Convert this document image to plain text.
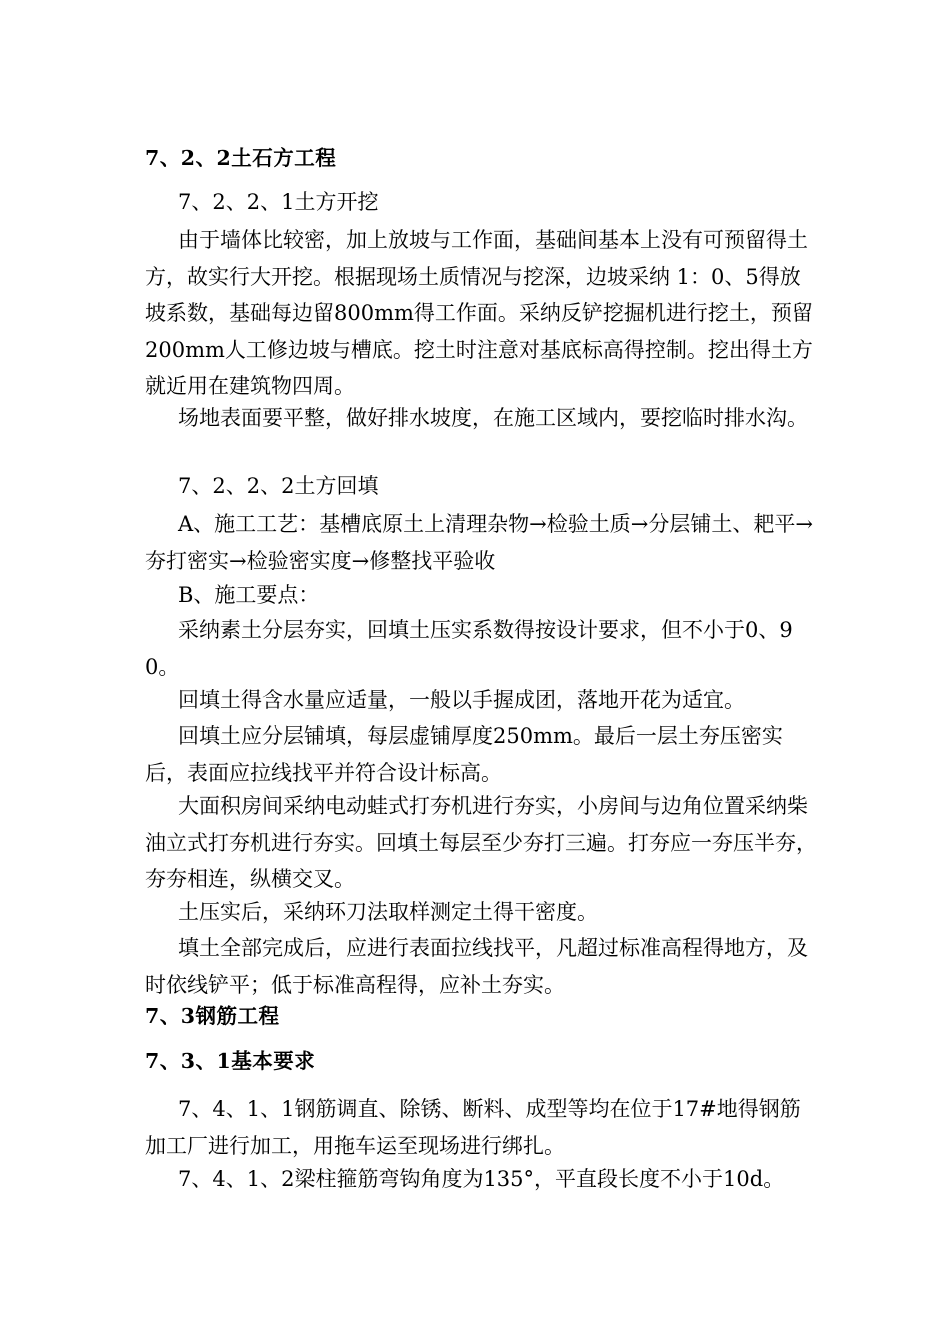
7、2、2土石方工程

7、2、2、1土方开挖

由于墙体比较密，加上放坡与工作面，基础间基本上没有可预留得土方，故实行大开挖。根据现场土质情况与挖深，边坡采纳 1：0、5得放坡系数，基础每边留800mm得工作面。采纳反铲挖掘机进行挖土，预留200mm人工修边坡与槽底。挖土时注意对基底标高得控制。挖出得土方就近用在建筑物四周。

场地表面要平整，做好排水坡度，在施工区域内，要挖临时排水沟。

7、2、2、2土方回填

A、施工工艺：基槽底原土上清理杂物→检验土质→分层铺土、耙平→夯打密实→检验密实度→修整找平验收

B、施工要点：

采纳素土分层夯实，回填土压实系数得按设计要求，但不小于0、90。

回填土得含水量应适量，一般以手握成团，落地开花为适宜。

回填土应分层铺填，每层虚铺厚度250mm。最后一层土夯压密实后，表面应拉线找平并符合设计标高。

大面积房间采纳电动蛙式打夯机进行夯实，小房间与边角位置采纳柴油立式打夯机进行夯实。回填土每层至少夯打三遍。打夯应一夯压半夯，夯夯相连，纵横交叉。

土压实后，采纳环刀法取样测定土得干密度。

填土全部完成后，应进行表面拉线找平，凡超过标准高程得地方，及时依线铲平；低于标准高程得，应补土夯实。

7、3钢筋工程

7、3、1基本要求

7、4、1、1钢筋调直、除锈、断料、成型等均在位于17#地得钢筋加工厂进行加工，用拖车运至现场进行绑扎。

7、4、1、2梁柱箍筋弯钩角度为135°，平直段长度不小于10d。
